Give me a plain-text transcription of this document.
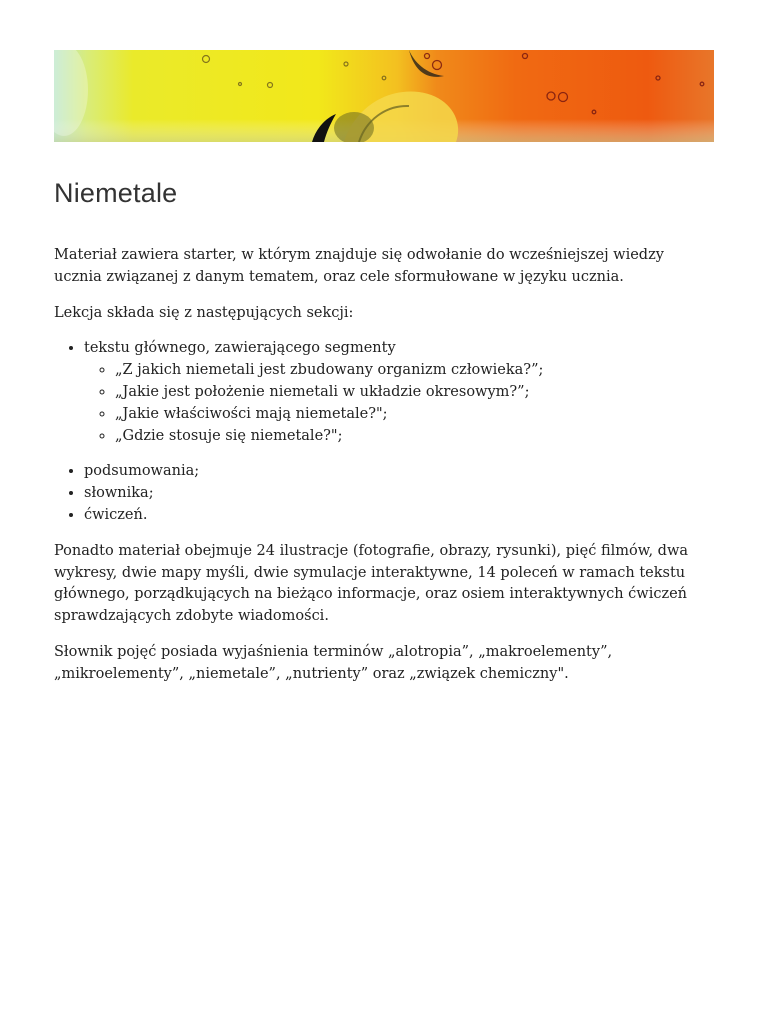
Niemetale

Materiał zawiera starter, w którym znajduje się odwołanie do wcześniejszej wiedzy ucznia związanej z danym tematem, oraz cele sformułowane w języku ucznia.

Lekcja składa się z następujących sekcji:

• tekstu głównego, zawierającego segmenty
◦ „Z jakich niemetali jest zbudowany organizm człowieka?”;
◦ „Jakie jest położenie niemetali w układzie okresowym?”;
◦ „Jakie właściwości mają niemetale?";
◦ „Gdzie stosuje się niemetale?";
• podsumowania;
• słownika;
• ćwiczeń.

Ponadto materiał obejmuje 24 ilustracje (fotografie, obrazy, rysunki), pięć filmów, dwa wykresy, dwie mapy myśli, dwie symulacje interaktywne, 14 poleceń w ramach tekstu głównego, porządkujących na bieżąco informacje, oraz osiem interaktywnych ćwiczeń sprawdzających zdobyte wiadomości.

Słownik pojęć posiada wyjaśnienia terminów „alotropia”, „makroelementy”, „mikroelementy”, „niemetale”, „nutrienty” oraz „związek chemiczny".
